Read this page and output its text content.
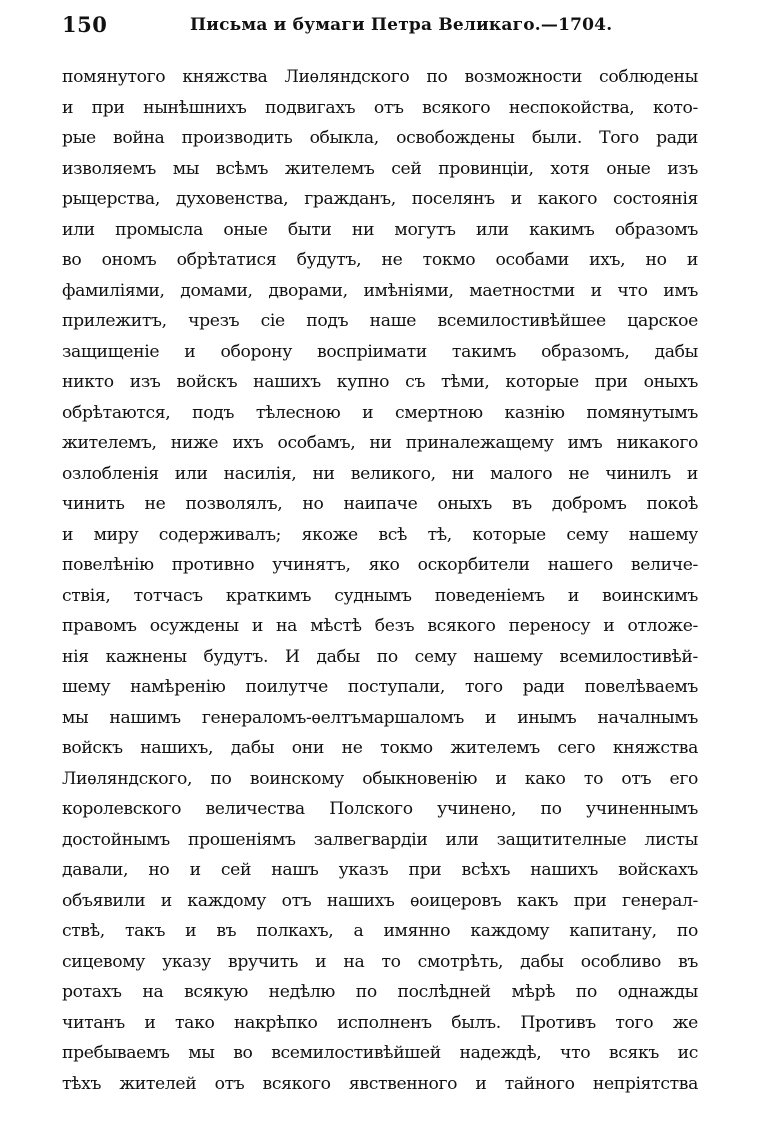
150	Письма и бумаги Петра Великаго.—1704.
помянутого княжства Лиѳляндского по возможности соблюдены
и при нынѣшнихъ подвигахъ отъ всякого неспокойства, кото-
рые война производить обыкла, освобождены были. Того ради
изволяемъ мы всѣмъ жителемъ сей провинціи, хотя оные изъ
рыцерства, духовенства, гражданъ, поселянъ и какого состоянія
или промысла оные быти ни могутъ или какимъ образомъ
во ономъ обрѣтатися будутъ, не токмо особами ихъ, но и
фамиліями, домами, дворами, имѣніями, маетностми и что имъ
прилежитъ, чрезъ сіе подъ наше всемилостивѣйшее царское
защищеніе и оборону воспріимати такимъ образомъ, дабы
никто изъ войскъ нашихъ купно съ тѣми, которые при оныхъ
обрѣтаются, подъ тѣлесною и смертною казнію помянутымъ
жителемъ, ниже ихъ особамъ, ни приналежащему имъ никакого
озлобленія или насилія, ни великого, ни малого не чинилъ и
чинить не позволялъ, но наипаче оныхъ въ добромъ покоѣ
и миру содерживалъ; якоже всѣ тѣ, которые сему нашему
повелѣнію противно учинятъ, яко оскорбители нашего величе-
ствія, тотчасъ краткимъ суднымъ поведеніемъ и воинскимъ
правомъ осуждены и на мѣстѣ безъ всякого переносу и отложе-
нія кажнены будутъ. И дабы по сему нашему всемилостивѣй-
шему намѣренію поилутче поступали, того ради повелѣваемъ
мы нашимъ генераломъ-ѳелтъмаршаломъ и инымъ началнымъ
войскъ нашихъ, дабы они не токмо жителемъ сего княжства
Лиѳляндского, по воинскому обыкновенію и како то отъ его
королевского величества Полского учинено, по учиненнымъ
достойнымъ прошеніямъ залвегвардіи или защитителные листы
давали, но и сей нашъ указъ при всѣхъ нашихъ войскахъ
объявили и каждому отъ нашихъ ѳоицеровъ какъ при генерал-
ствѣ, такъ и въ полкахъ, а имянно каждому капитану, по
сицевому указу вручить и на то смотрѣть, дабы особливо въ
ротахъ на всякую недѣлю по послѣдней мѣрѣ по однажды
читанъ и тако накрѣпко исполненъ былъ. Противъ того же
пребываемъ мы во всемилостивѣйшей надеждѣ, что всякъ ис
тѣхъ жителей отъ всякого явственного и тайного непріятства
